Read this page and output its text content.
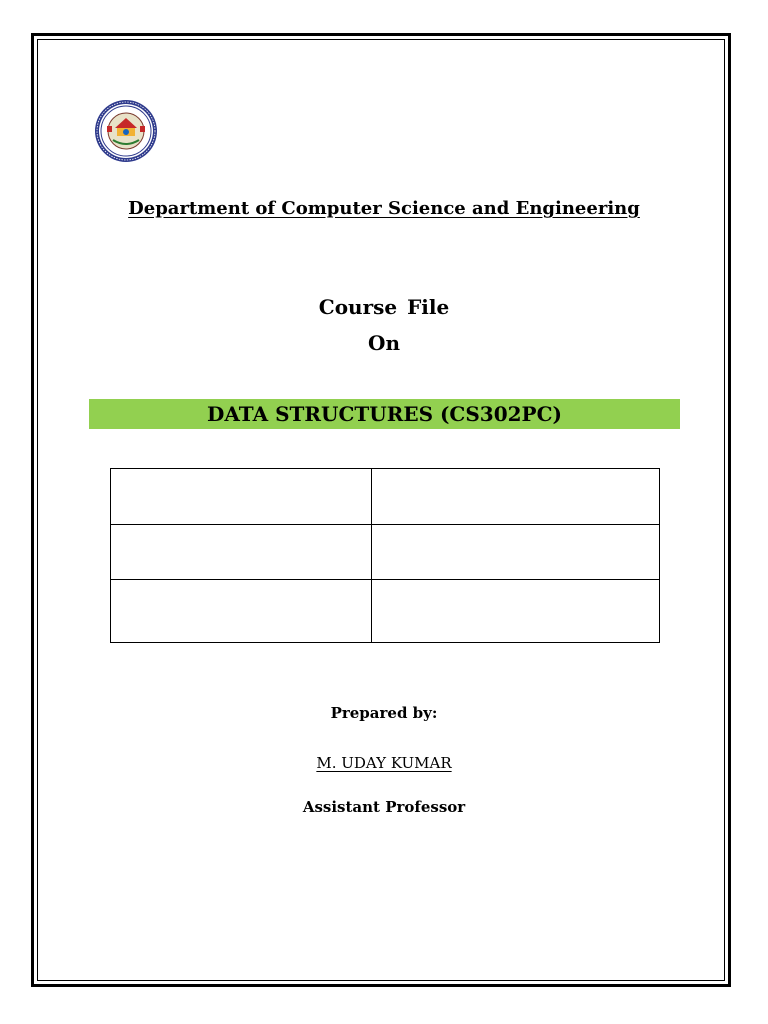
Department of Computer Science and Engineering
Course File
On
DATA STRUCTURES (CS302PC)

Prepared by:
M. UDAY KUMAR
Assistant Professor
